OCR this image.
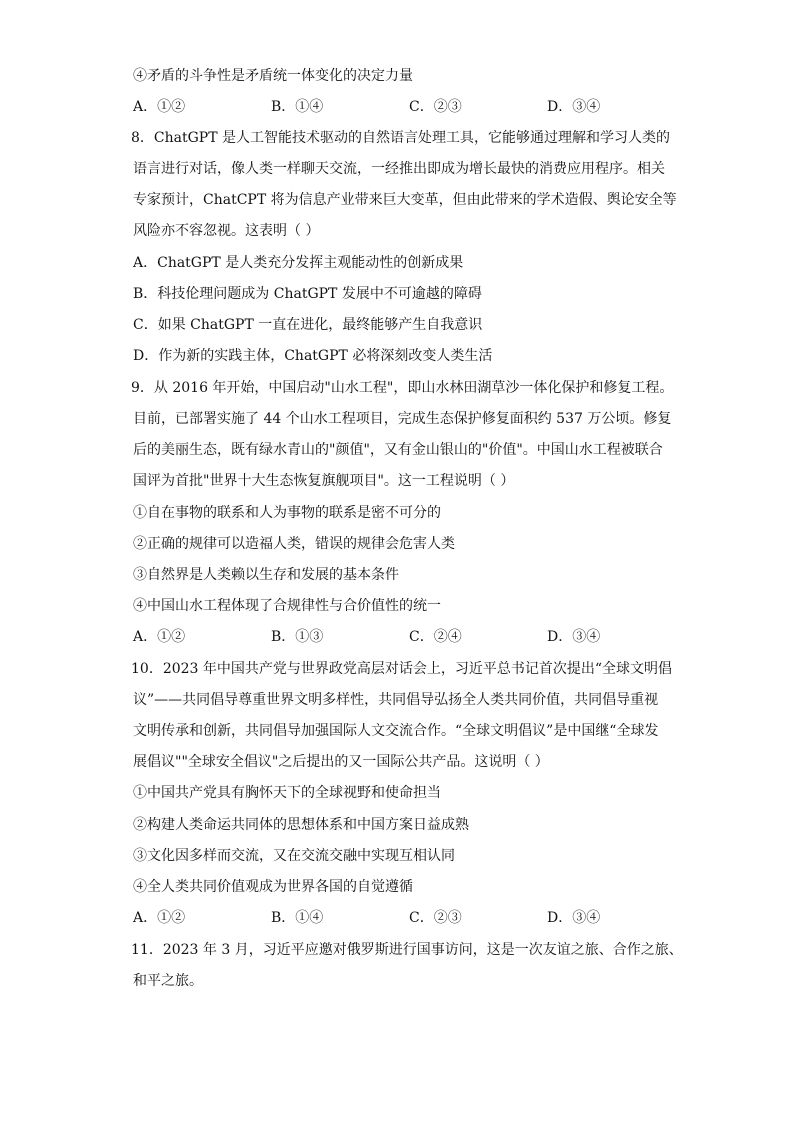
④矛盾的斗争性是矛盾统一体变化的决定力量
A．①②	B．①④	C．②③	D．③④
8．ChatGPT 是人工智能技术驱动的自然语言处理工具，它能够通过理解和学习人类的
语言进行对话，像人类一样聊天交流，一经推出即成为增长最快的消费应用程序。相关
专家预计，ChatCPT 将为信息产业带来巨大变革，但由此带来的学术造假、舆论安全等
风险亦不容忽视。这表明（ ）
A．ChatGPT 是人类充分发挥主观能动性的创新成果
B．科技伦理问题成为 ChatGPT 发展中不可逾越的障碍
C．如果 ChatGPT 一直在进化，最终能够产生自我意识
D．作为新的实践主体，ChatGPT 必将深刻改变人类生活
9．从 2016 年开始，中国启动"山水工程"，即山水林田湖草沙一体化保护和修复工程。
目前，已部署实施了 44 个山水工程项目，完成生态保护修复面积约 537 万公顷。修复
后的美丽生态，既有绿水青山的"颜值"，又有金山银山的"价值"。中国山水工程被联合
国评为首批"世界十大生态恢复旗舰项目"。这一工程说明（ ）
①自在事物的联系和人为事物的联系是密不可分的
②正确的规律可以造福人类，错误的规律会危害人类
③自然界是人类赖以生存和发展的基本条件
④中国山水工程体现了合规律性与合价值性的统一
A．①②	B．①③	C．②④	D．③④
10．2023 年中国共产党与世界政党高层对话会上，习近平总书记首次提出“全球文明倡
议”——共同倡导尊重世界文明多样性，共同倡导弘扬全人类共同价值，共同倡导重视
文明传承和创新，共同倡导加强国际人文交流合作。“全球文明倡议”是中国继“全球发
展倡议""全球安全倡议"之后提出的又一国际公共产品。这说明（ ）
①中国共产党具有胸怀天下的全球视野和使命担当
②构建人类命运共同体的思想体系和中国方案日益成熟
③文化因多样而交流，又在交流交融中实现互相认同
④全人类共同价值观成为世界各国的自觉遵循
A．①②	B．①④	C．②③	D．③④
11．2023 年 3 月，习近平应邀对俄罗斯进行国事访问，这是一次友谊之旅、合作之旅、
和平之旅。
